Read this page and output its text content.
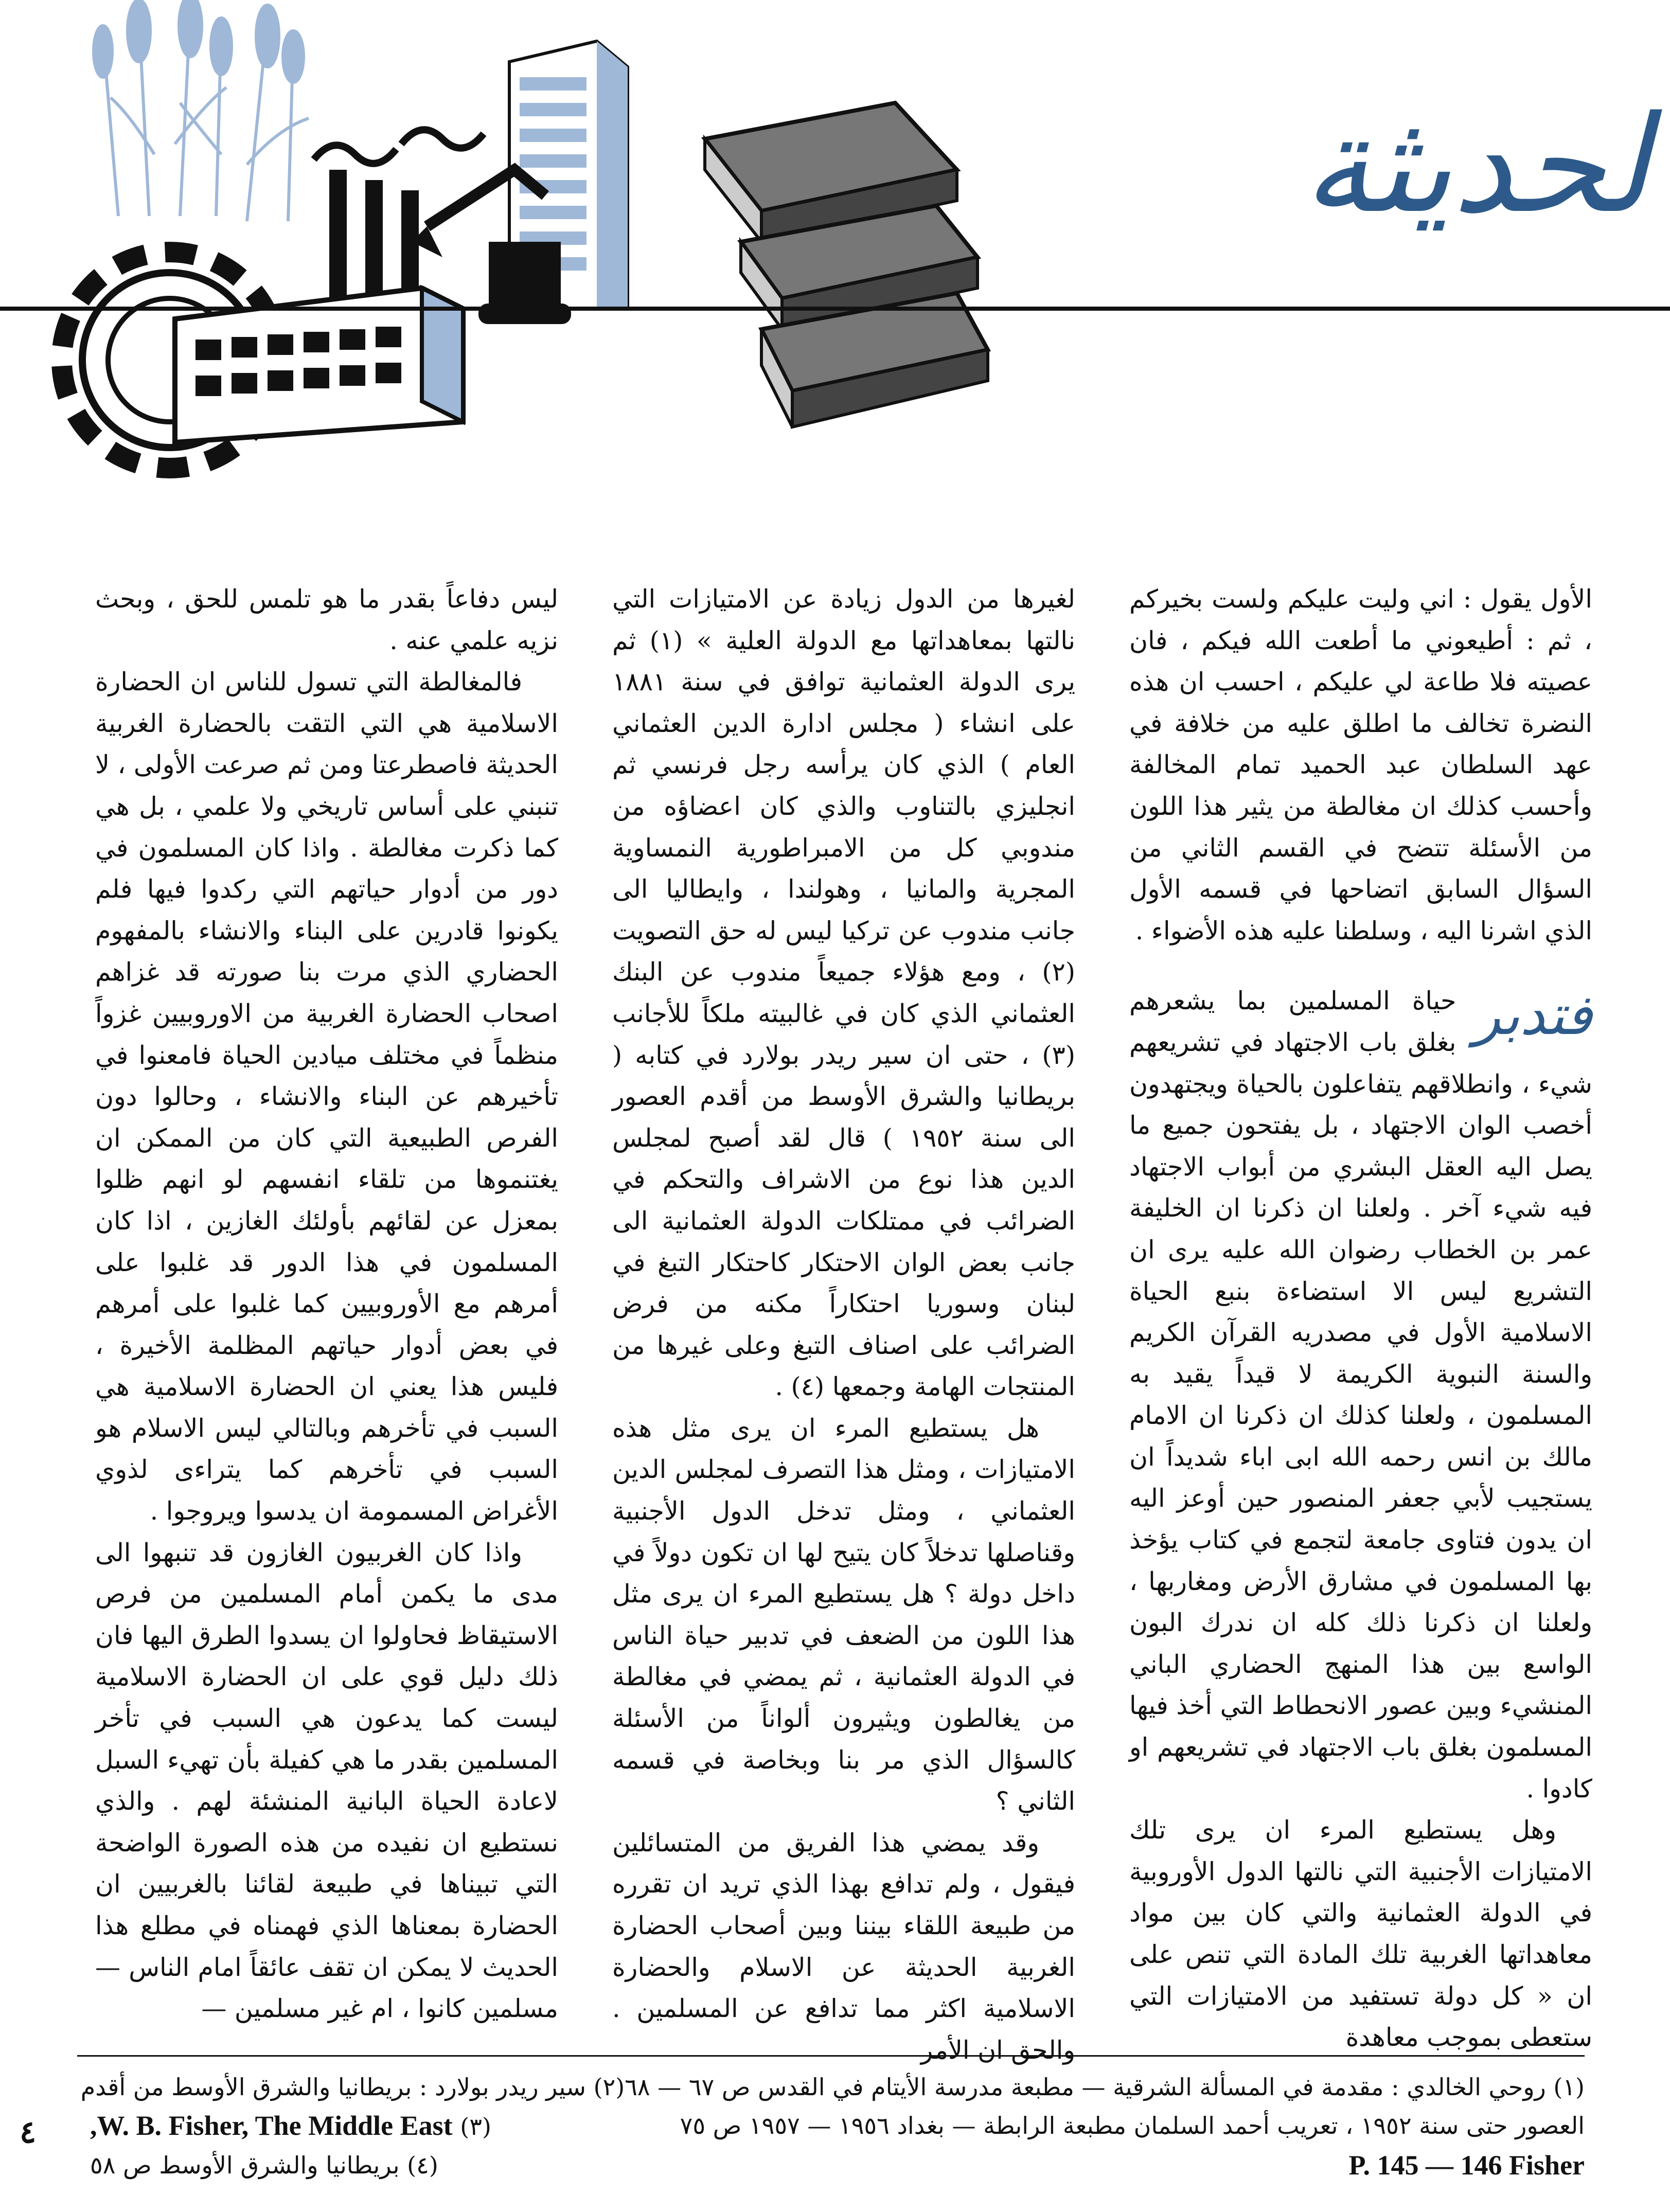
لحديثة

الأول يقول : اني وليت عليكم ولست بخيركم ، ثم : أطيعوني ما أطعت الله فيكم ، فان عصيته فلا طاعة لي عليكم ، احسب ان هذه النضرة تخالف ما اطلق عليه من خلافة في عهد السلطان عبد الحميد تمام المخالفة وأحسب كذلك ان مغالطة من يثير هذا اللون من الأسئلة تتضح في القسم الثاني من السؤال السابق اتضاحها في قسمه الأول الذي اشرنا اليه ، وسلطنا عليه هذه الأضواء .

فتدبر
حياة المسلمين بما يشعرهم بغلق باب الاجتهاد في تشريعهم شيء ، وانطلاقهم يتفاعلون بالحياة ويجتهدون أخصب الوان الاجتهاد ، بل يفتحون جميع ما يصل اليه العقل البشري من أبواب الاجتهاد فيه شيء آخر . ولعلنا ان ذكرنا ان الخليفة عمر بن الخطاب رضوان الله عليه يرى ان التشريع ليس الا استضاءة بنبع الحياة الاسلامية الأول في مصدريه القرآن الكريم والسنة النبوية الكريمة لا قيداً يقيد به المسلمون ، ولعلنا كذلك ان ذكرنا ان الامام مالك بن انس رحمه الله ابى اباء شديداً ان يستجيب لأبي جعفر المنصور حين أوعز اليه ان يدون فتاوى جامعة لتجمع في كتاب يؤخذ بها المسلمون في مشارق الأرض ومغاربها ، ولعلنا ان ذكرنا ذلك كله ان ندرك البون الواسع بين هذا المنهج الحضاري الباني المنشيء وبين عصور الانحطاط التي أخذ فيها المسلمون بغلق باب الاجتهاد في تشريعهم او كادوا .

وهل يستطيع المرء ان يرى تلك الامتيازات الأجنبية التي نالتها الدول الأوروبية في الدولة العثمانية والتي كان بين مواد معاهداتها الغربية تلك المادة التي تنص على ان « كل دولة تستفيد من الامتيازات التي ستعطى بموجب معاهدة

لغيرها من الدول زيادة عن الامتيازات التي نالتها بمعاهداتها مع الدولة العلية » (١) ثم يرى الدولة العثمانية توافق في سنة ١٨٨١ على انشاء ( مجلس ادارة الدين العثماني العام ) الذي كان يرأسه رجل فرنسي ثم انجليزي بالتناوب والذي كان اعضاؤه من مندوبي كل من الامبراطورية النمساوية المجرية والمانيا ، وهولندا ، وايطاليا الى جانب مندوب عن تركيا ليس له حق التصويت (٢) ، ومع هؤلاء جميعاً مندوب عن البنك العثماني الذي كان في غالبيته ملكاً للأجانب (٣) ، حتى ان سير ريدر بولارد في كتابه ( بريطانيا والشرق الأوسط من أقدم العصور الى سنة ١٩٥٢ ) قال لقد أصبح لمجلس الدين هذا نوع من الاشراف والتحكم في الضرائب في ممتلكات الدولة العثمانية الى جانب بعض الوان الاحتكار كاحتكار التبغ في لبنان وسوريا احتكاراً مكنه من فرض الضرائب على اصناف التبغ وعلى غيرها من المنتجات الهامة وجمعها (٤) .

هل يستطيع المرء ان يرى مثل هذه الامتيازات ، ومثل هذا التصرف لمجلس الدين العثماني ، ومثل تدخل الدول الأجنبية وقناصلها تدخلاً كان يتيح لها ان تكون دولاً في داخل دولة ؟ هل يستطيع المرء ان يرى مثل هذا اللون من الضعف في تدبير حياة الناس في الدولة العثمانية ، ثم يمضي في مغالطة من يغالطون ويثيرون ألواناً من الأسئلة كالسؤال الذي مر بنا وبخاصة في قسمه الثاني ؟

وقد يمضي هذا الفريق من المتسائلين فيقول ، ولم تدافع بهذا الذي تريد ان تقرره من طبيعة اللقاء بيننا وبين أصحاب الحضارة الغربية الحديثة عن الاسلام والحضارة الاسلامية اكثر مما تدافع عن المسلمين . والحق ان الأمر

ليس دفاعاً بقدر ما هو تلمس للحق ، وبحث نزيه علمي عنه .

فالمغالطة التي تسول للناس ان الحضارة الاسلامية هي التي التقت بالحضارة الغربية الحديثة فاصطرعتا ومن ثم صرعت الأولى ، لا تنبني على أساس تاريخي ولا علمي ، بل هي كما ذكرت مغالطة . واذا كان المسلمون في دور من أدوار حياتهم التي ركدوا فيها فلم يكونوا قادرين على البناء والانشاء بالمفهوم الحضاري الذي مرت بنا صورته قد غزاهم اصحاب الحضارة الغربية من الاوروبيين غزواً منظماً في مختلف ميادين الحياة فامعنوا في تأخيرهم عن البناء والانشاء ، وحالوا دون الفرص الطبيعية التي كان من الممكن ان يغتنموها من تلقاء انفسهم لو انهم ظلوا بمعزل عن لقائهم بأولئك الغازين ، اذا كان المسلمون في هذا الدور قد غلبوا على أمرهم مع الأوروبيين كما غلبوا على أمرهم في بعض أدوار حياتهم المظلمة الأخيرة ، فليس هذا يعني ان الحضارة الاسلامية هي السبب في تأخرهم وبالتالي ليس الاسلام هو السبب في تأخرهم كما يتراءى لذوي الأغراض المسمومة ان يدسوا ويروجوا .

واذا كان الغربيون الغازون قد تنبهوا الى مدى ما يكمن أمام المسلمين من فرص الاستيقاظ فحاولوا ان يسدوا الطرق اليها فان ذلك دليل قوي على ان الحضارة الاسلامية ليست كما يدعون هي السبب في تأخر المسلمين بقدر ما هي كفيلة بأن تهيء السبل لاعادة الحياة البانية المنشئة لهم . والذي نستطيع ان نفيده من هذه الصورة الواضحة التي تبيناها في طبيعة لقائنا بالغربيين ان الحضارة بمعناها الذي فهمناه في مطلع هذا الحديث لا يمكن ان تقف عائقاً امام الناس — مسلمين كانوا ، ام غير مسلمين —

(١) روحي الخالدي : مقدمة في المسألة الشرقية — مطبعة مدرسة الأيتام في القدس ص ٦٧ — ٦٨
(٢) سير ريدر بولارد : بريطانيا والشرق الأوسط من أقدم
العصور حتى سنة ١٩٥٢ ، تعريب أحمد السلمان مطبعة الرابطة — بغداد ١٩٥٦ — ١٩٥٧ ص ٧٥
(٣) W. B. Fisher, The Middle East,
P. 145 — 146 Fisher
(٤) بريطانيا والشرق الأوسط ص ٥٨
٤
